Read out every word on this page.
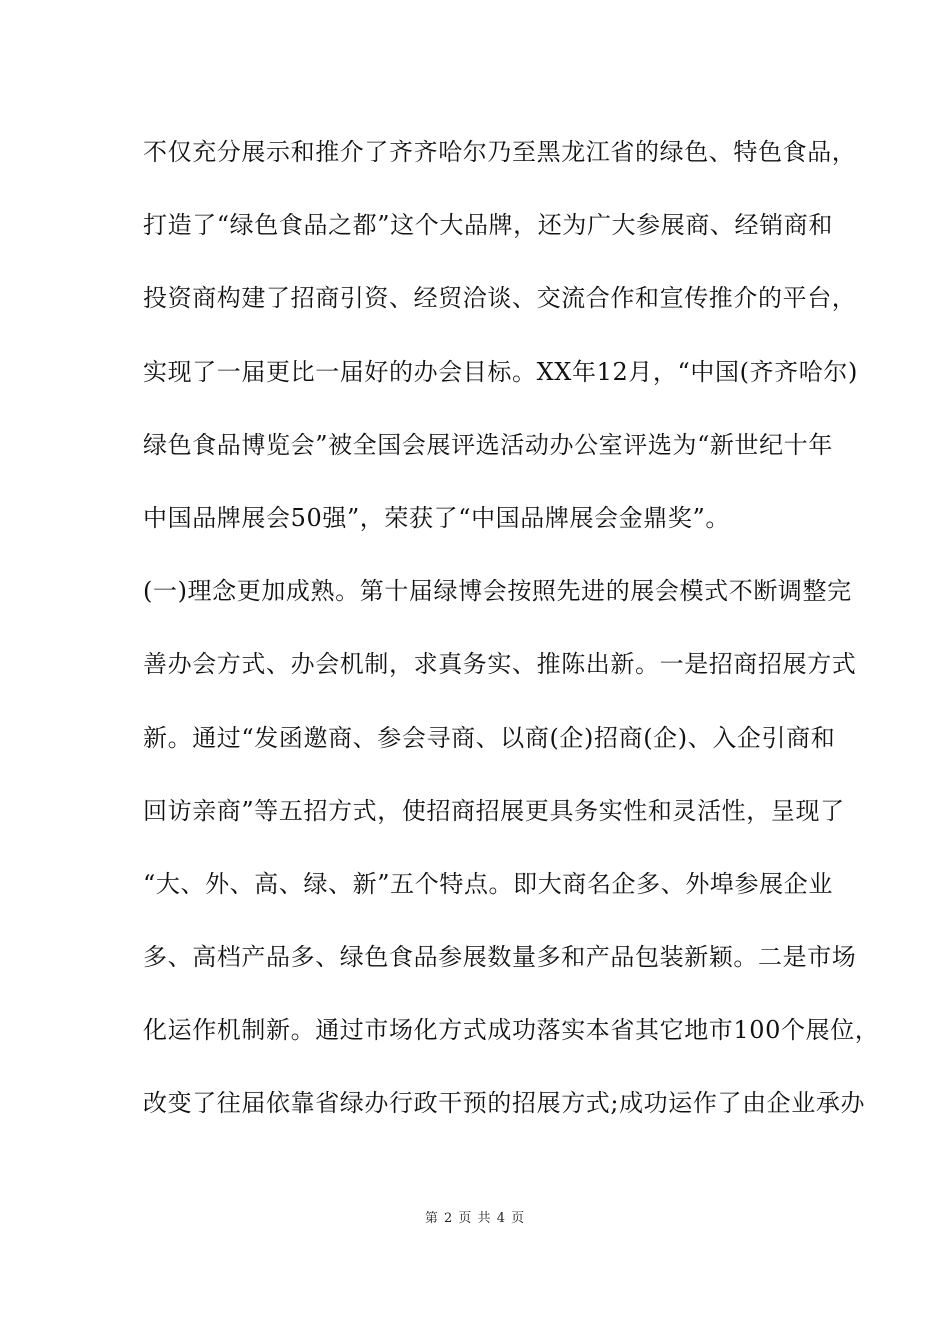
不仅充分展示和推介了齐齐哈尔乃至黑龙江省的绿色、特色食品，
打造了“绿色食品之都”这个大品牌，还为广大参展商、经销商和
投资商构建了招商引资、经贸洽谈、交流合作和宣传推介的平台，
实现了一届更比一届好的办会目标。XX年12月，“中国(齐齐哈尔)
绿色食品博览会”被全国会展评选活动办公室评选为“新世纪十年
中国品牌展会50强”，荣获了“中国品牌展会金鼎奖”。
(一)理念更加成熟。第十届绿博会按照先进的展会模式不断调整完
善办会方式、办会机制，求真务实、推陈出新。一是招商招展方式
新。通过“发函邀商、参会寻商、以商(企)招商(企)、入企引商和
回访亲商”等五招方式，使招商招展更具务实性和灵活性，呈现了
“大、外、高、绿、新”五个特点。即大商名企多、外埠参展企业
多、高档产品多、绿色食品参展数量多和产品包装新颖。二是市场
化运作机制新。通过市场化方式成功落实本省其它地市100个展位，
改变了往届依靠省绿办行政干预的招展方式;成功运作了由企业承办
第 2 页 共 4 页
